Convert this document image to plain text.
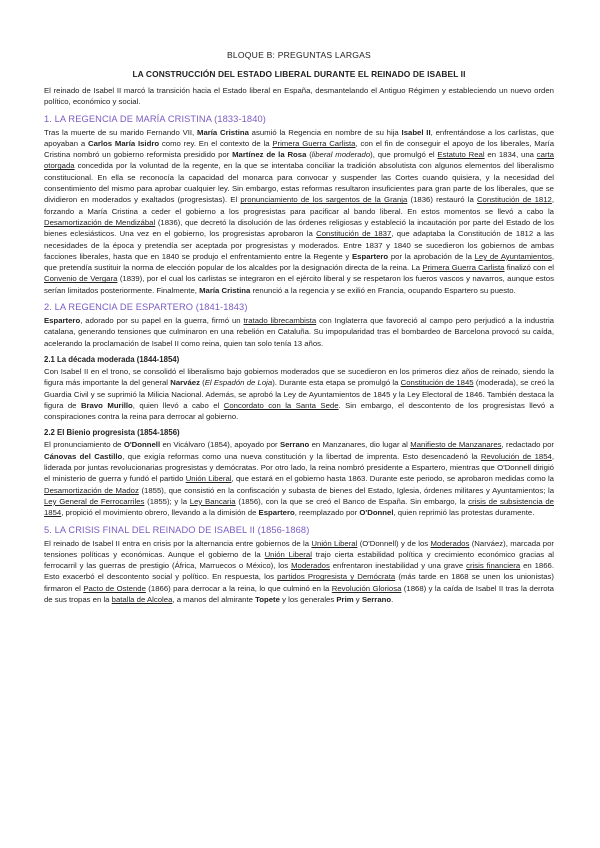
BLOQUE B: PREGUNTAS LARGAS
LA CONSTRUCCIÓN DEL ESTADO LIBERAL DURANTE EL REINADO DE ISABEL II

El reinado de Isabel II marcó la transición hacia el Estado liberal en España, desmantelando el Antiguo Régimen y estableciendo un nuevo orden político, económico y social.

1. LA REGENCIA DE MARÍA CRISTINA (1833-1840)

Tras la muerte de su marido Fernando VII, María Cristina asumió la Regencia en nombre de su hija Isabel II, enfrentándose a los carlistas, que apoyaban a Carlos María Isidro como rey. En el contexto de la Primera Guerra Carlista, con el fin de conseguir el apoyo de los liberales, María Cristina nombró un gobierno reformista presidido por Martínez de la Rosa (liberal moderado), que promulgó el Estatuto Real en 1834, una carta otorgada concedida por la voluntad de la regente, en la que se intentaba conciliar la tradición absolutista con algunos elementos del liberalismo constitucional. En ella se reconocía la capacidad del monarca para convocar y suspender las Cortes cuando quisiera, y la necesidad del consentimiento del mismo para aprobar cualquier ley. Sin embargo, estas reformas resultaron insuficientes para gran parte de los liberales, que se dividieron en moderados y exaltados (progresistas). El pronunciamiento de los sargentos de la Granja (1836) restauró la Constitución de 1812, forzando a María Cristina a ceder el gobierno a los progresistas para pacificar al bando liberal. En estos momentos se llevó a cabo la Desamortización de Mendizábal (1836), que decretó la disolución de las órdenes religiosas y estableció la incautación por parte del Estado de los bienes eclesiásticos. Una vez en el gobierno, los progresistas aprobaron la Constitución de 1837, que adaptaba la Constitución de 1812 a las necesidades de la época y pretendía ser aceptada por progresistas y moderados. Entre 1837 y 1840 se sucedieron los gobiernos de ambas facciones liberales, hasta que en 1840 se produjo el enfrentamiento entre la Regente y Espartero por la aprobación de la Ley de Ayuntamientos, que pretendía sustituir la norma de elección popular de los alcaldes por la designación directa de la reina. La Primera Guerra Carlista finalizó con el Convenio de Vergara (1839), por el cual los carlistas se integraron en el ejército liberal y se respetaron los fueros vascos y navarros, aunque estos serían limitados posteriormente. Finalmente, María Cristina renunció a la regencia y se exilió en Francia, ocupando Espartero su puesto.

2. LA REGENCIA DE ESPARTERO (1841-1843)

Espartero, adorado por su papel en la guerra, firmó un tratado librecambista con Inglaterra que favoreció al campo pero perjudicó a la industria catalana, generando tensiones que culminaron en una rebelión en Cataluña. Su impopularidad tras el bombardeo de Barcelona provocó su caída, acelerando la proclamación de Isabel II como reina, quien tan solo tenía 13 años.

2.1 La década moderada (1844-1854)

Con Isabel II en el trono, se consolidó el liberalismo bajo gobiernos moderados que se sucedieron en los primeros diez años de reinado, siendo la figura más importante la del general Narváez (El Espadón de Loja). Durante esta etapa se promulgó la Constitución de 1845 (moderada), se creó la Guardia Civil y se suprimió la Milicia Nacional. Además, se aprobó la Ley de Ayuntamientos de 1845 y la Ley Electoral de 1846. También destaca la figura de Bravo Murillo, quien llevó a cabo el Concordato con la Santa Sede. Sin embargo, el descontento de los progresistas llevó a conspiraciones contra la reina para derrocar al gobierno.

2.2 El Bienio progresista (1854-1856)

El pronunciamiento de O'Donnell en Vicálvaro (1854), apoyado por Serrano en Manzanares, dio lugar al Manifiesto de Manzanares, redactado por Cánovas del Castillo, que exigía reformas como una nueva constitución y la libertad de imprenta. Esto desencadenó la Revolución de 1854, liderada por juntas revolucionarias progresistas y demócratas. Por otro lado, la reina nombró presidente a Espartero, mientras que O'Donnell dirigió el ministerio de guerra y fundó el partido Unión Liberal, que estará en el gobierno hasta 1863. Durante este periodo, se aprobaron medidas como la Desamortización de Madoz (1855), que consistió en la confiscación y subasta de bienes del Estado, Iglesia, órdenes militares y Ayuntamientos; la Ley General de Ferrocarriles (1855); y la Ley Bancaria (1856), con la que se creó el Banco de España. Sin embargo, la crisis de subsistencia de 1854, propició el movimiento obrero, llevando a la dimisión de Espartero, reemplazado por O'Donnel, quien reprimió las protestas duramente.

5. LA CRISIS FINAL DEL REINADO DE ISABEL II (1856-1868)

El reinado de Isabel II entra en crisis por la alternancia entre gobiernos de la Unión Liberal (O'Donnell) y de los Moderados (Narváez), marcada por tensiones políticas y económicas. Aunque el gobierno de la Unión Liberal trajo cierta estabilidad política y crecimiento económico gracias al ferrocarril y las guerras de prestigio (África, Marruecos o México), los Moderados enfrentaron inestabilidad y una grave crisis financiera en 1866. Esto exacerbó el descontento social y político. En respuesta, los partidos Progresista y Demócrata (más tarde en 1868 se unen los unionistas) firmaron el Pacto de Ostende (1866) para derrocar a la reina, lo que culminó en la Revolución Gloriosa (1868) y la caída de Isabel II tras la derrota de sus tropas en la batalla de Alcolea, a manos del almirante Topete y los generales Prim y Serrano.
